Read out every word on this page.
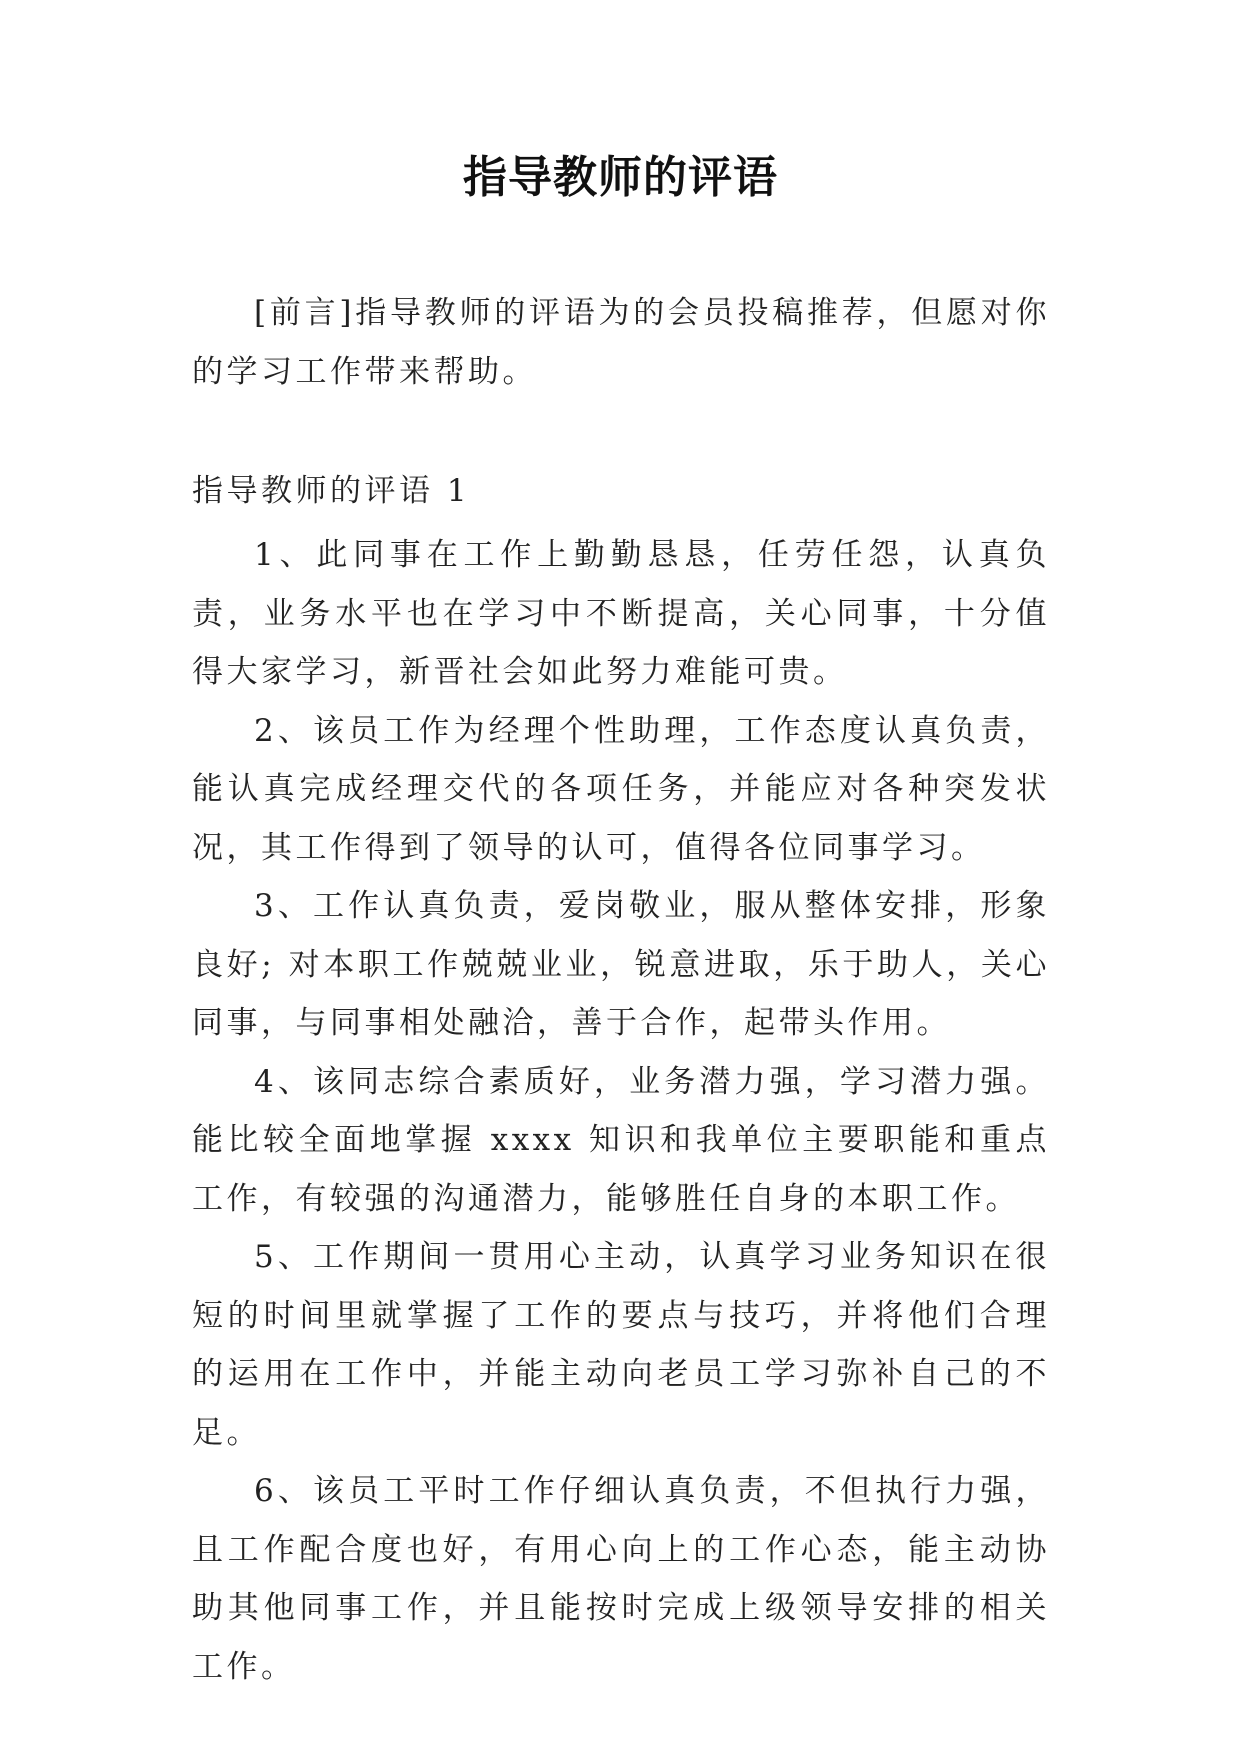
指导教师的评语
[前言]指导教师的评语为的会员投稿推荐，但愿对你的学习工作带来帮助。
指导教师的评语 1

1、此同事在工作上勤勤恳恳，任劳任怨，认真负责，业务水平也在学习中不断提高，关心同事，十分值得大家学习，新晋社会如此努力难能可贵。

2、该员工作为经理个性助理，工作态度认真负责，能认真完成经理交代的各项任务，并能应对各种突发状况，其工作得到了领导的认可，值得各位同事学习。

3、工作认真负责，爱岗敬业，服从整体安排，形象良好; 对本职工作兢兢业业，锐意进取，乐于助人，关心同事，与同事相处融洽，善于合作，起带头作用。

4、该同志综合素质好，业务潜力强，学习潜力强。能比较全面地掌握 xxxx 知识和我单位主要职能和重点工作，有较强的沟通潜力，能够胜任自身的本职工作。

5、工作期间一贯用心主动，认真学习业务知识在很短的时间里就掌握了工作的要点与技巧，并将他们合理的运用在工作中，并能主动向老员工学习弥补自己的不足。

6、该员工平时工作仔细认真负责，不但执行力强，且工作配合度也好，有用心向上的工作心态，能主动协助其他同事工作，并且能按时完成上级领导安排的相关工作。
